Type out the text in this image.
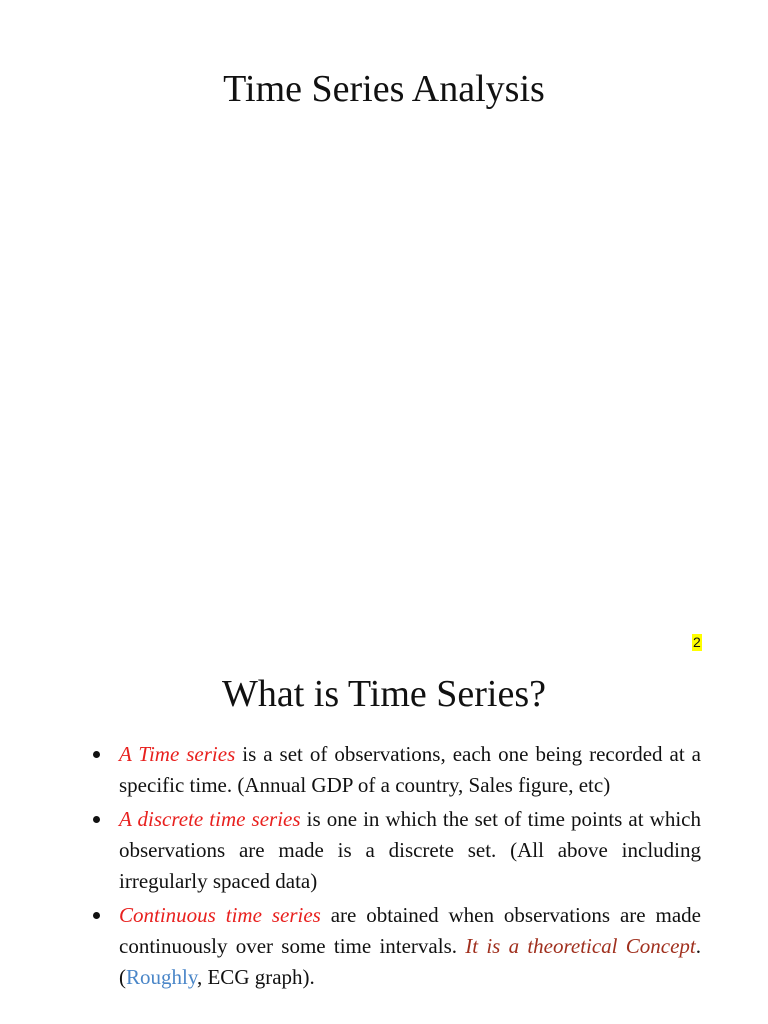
Time Series Analysis
2
What is Time Series?
A Time series is a set of observations, each one being recorded at a specific time. (Annual GDP of a country, Sales figure, etc)
A discrete time series is one in which the set of time points at which observations are made is a discrete set. (All above including irregularly spaced data)
Continuous time series are obtained when observations are made continuously over some time intervals. It is a theoretical Concept. (Roughly, ECG graph).
